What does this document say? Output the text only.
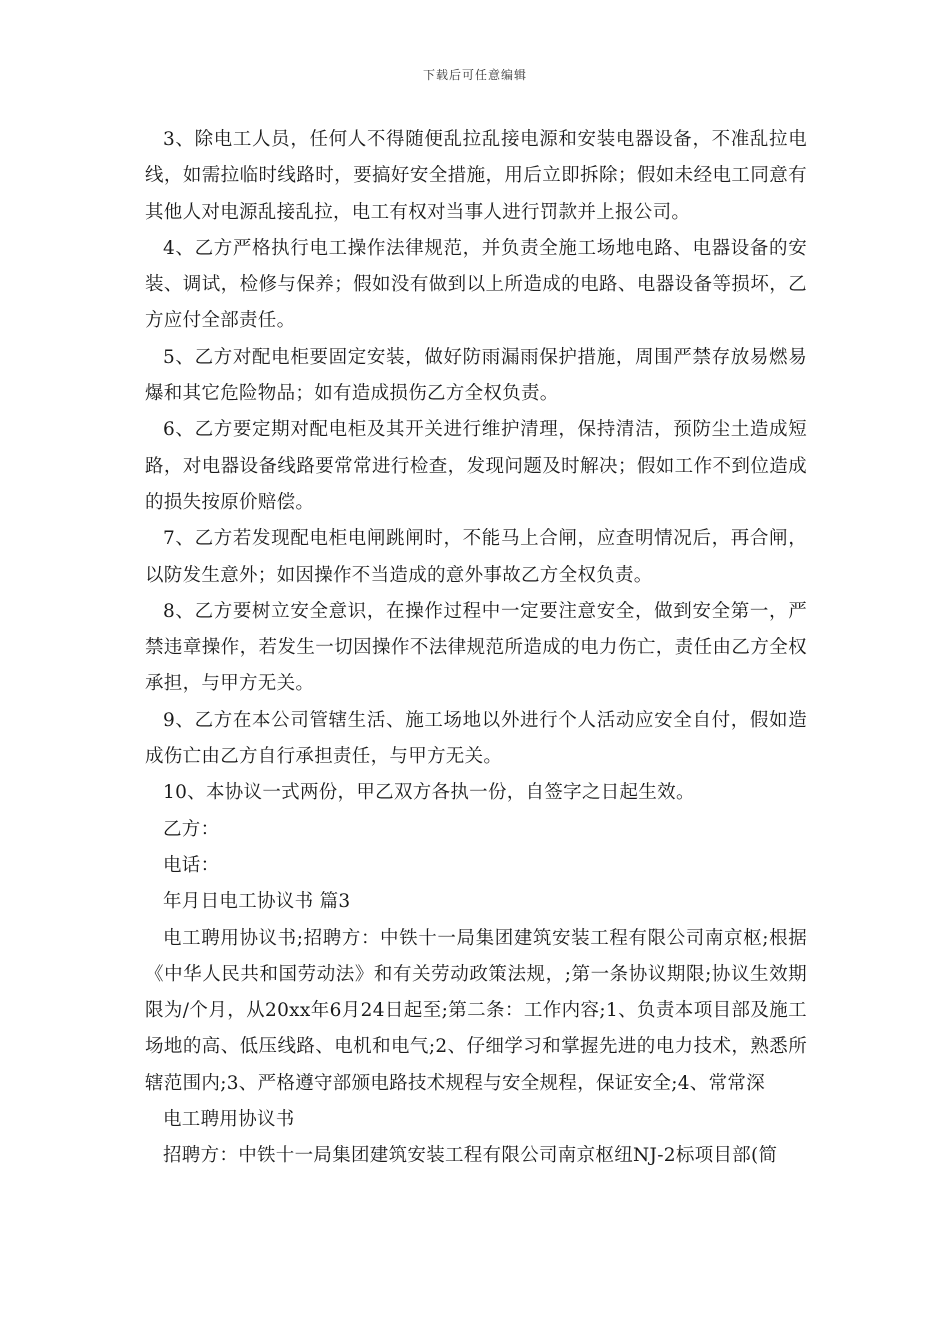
下载后可任意编辑

3、除电工人员，任何人不得随便乱拉乱接电源和安装电器设备，不准乱拉电线，如需拉临时线路时，要搞好安全措施，用后立即拆除；假如未经电工同意有其他人对电源乱接乱拉，电工有权对当事人进行罚款并上报公司。

4、乙方严格执行电工操作法律规范，并负责全施工场地电路、电器设备的安装、调试，检修与保养；假如没有做到以上所造成的电路、电器设备等损坏，乙方应付全部责任。

5、乙方对配电柜要固定安装，做好防雨漏雨保护措施，周围严禁存放易燃易爆和其它危险物品；如有造成损伤乙方全权负责。

6、乙方要定期对配电柜及其开关进行维护清理，保持清洁，预防尘土造成短路，对电器设备线路要常常进行检查，发现问题及时解决；假如工作不到位造成的损失按原价赔偿。

7、乙方若发现配电柜电闸跳闸时，不能马上合闸，应查明情况后，再合闸，以防发生意外；如因操作不当造成的意外事故乙方全权负责。

8、乙方要树立安全意识，在操作过程中一定要注意安全，做到安全第一，严禁违章操作，若发生一切因操作不法律规范所造成的电力伤亡，责任由乙方全权承担，与甲方无关。

9、乙方在本公司管辖生活、施工场地以外进行个人活动应安全自付，假如造成伤亡由乙方自行承担责任，与甲方无关。

10、本协议一式两份，甲乙双方各执一份，自签字之日起生效。

乙方：

电话：

年月日电工协议书 篇3

电工聘用协议书;招聘方：中铁十一局集团建筑安装工程有限公司南京枢;根据《中华人民共和国劳动法》和有关劳动政策法规，;第一条协议期限;协议生效期限为/个月，从20xx年6月24日起至;第二条：工作内容;1、负责本项目部及施工场地的高、低压线路、电机和电气;2、仔细学习和掌握先进的电力技术，熟悉所辖范围内;3、严格遵守部颁电路技术规程与安全规程，保证安全;4、常常深

电工聘用协议书

招聘方：中铁十一局集团建筑安装工程有限公司南京枢纽NJ-2标项目部(简
